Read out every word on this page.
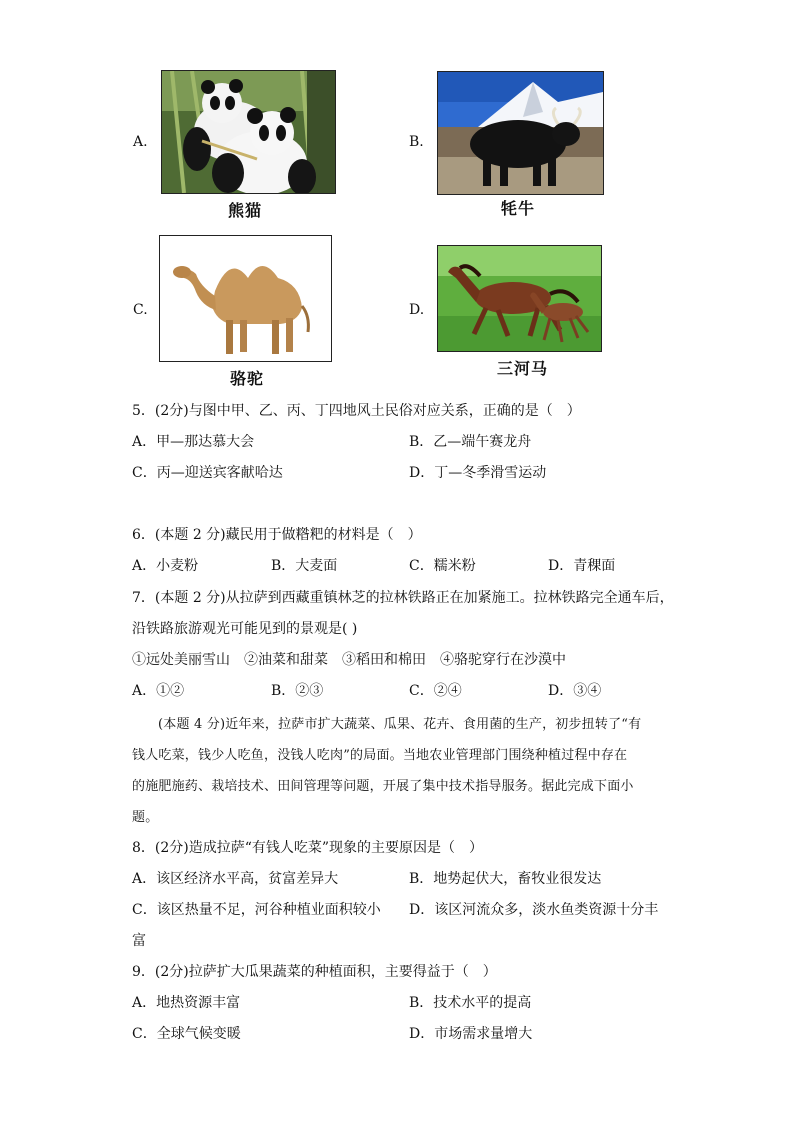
A.
熊猫
B.
牦牛
C.
骆驼
D.
三河马
5．(2分)与图中甲、乙、丙、丁四地风土民俗对应关系，正确的是（　）
A．甲—那达慕大会	B．乙—端午赛龙舟
C．丙—迎送宾客献哈达	D．丁—冬季滑雪运动
6．(本题 2 分)藏民用于做糌粑的材料是（　）
A．小麦粉	B．大麦面	C．糯米粉	D．青稞面
7．(本题 2 分)从拉萨到西藏重镇林芝的拉林铁路正在加紧施工。拉林铁路完全通车后，
沿铁路旅游观光可能见到的景观是( )
①远处美丽雪山　②油菜和甜菜　③稻田和棉田　④骆驼穿行在沙漠中
A．①②	B．②③	C．②④	D．③④
(本题 4 分)近年来，拉萨市扩大蔬菜、瓜果、花卉、食用菌的生产，初步扭转了“有
钱人吃菜，钱少人吃鱼，没钱人吃肉”的局面。当地农业管理部门围绕种植过程中存在
的施肥施药、栽培技术、田间管理等问题，开展了集中技术指导服务。据此完成下面小
题。
8．(2分)造成拉萨“有钱人吃菜”现象的主要原因是（　）
A．该区经济水平高，贫富差异大	B．地势起伏大，畜牧业很发达
C．该区热量不足，河谷种植业面积较小 D．该区河流众多，淡水鱼类资源十分丰
富
9．(2分)拉萨扩大瓜果蔬菜的种植面积，主要得益于（　）
A．地热资源丰富	B．技术水平的提高
C．全球气候变暖	D．市场需求量增大
